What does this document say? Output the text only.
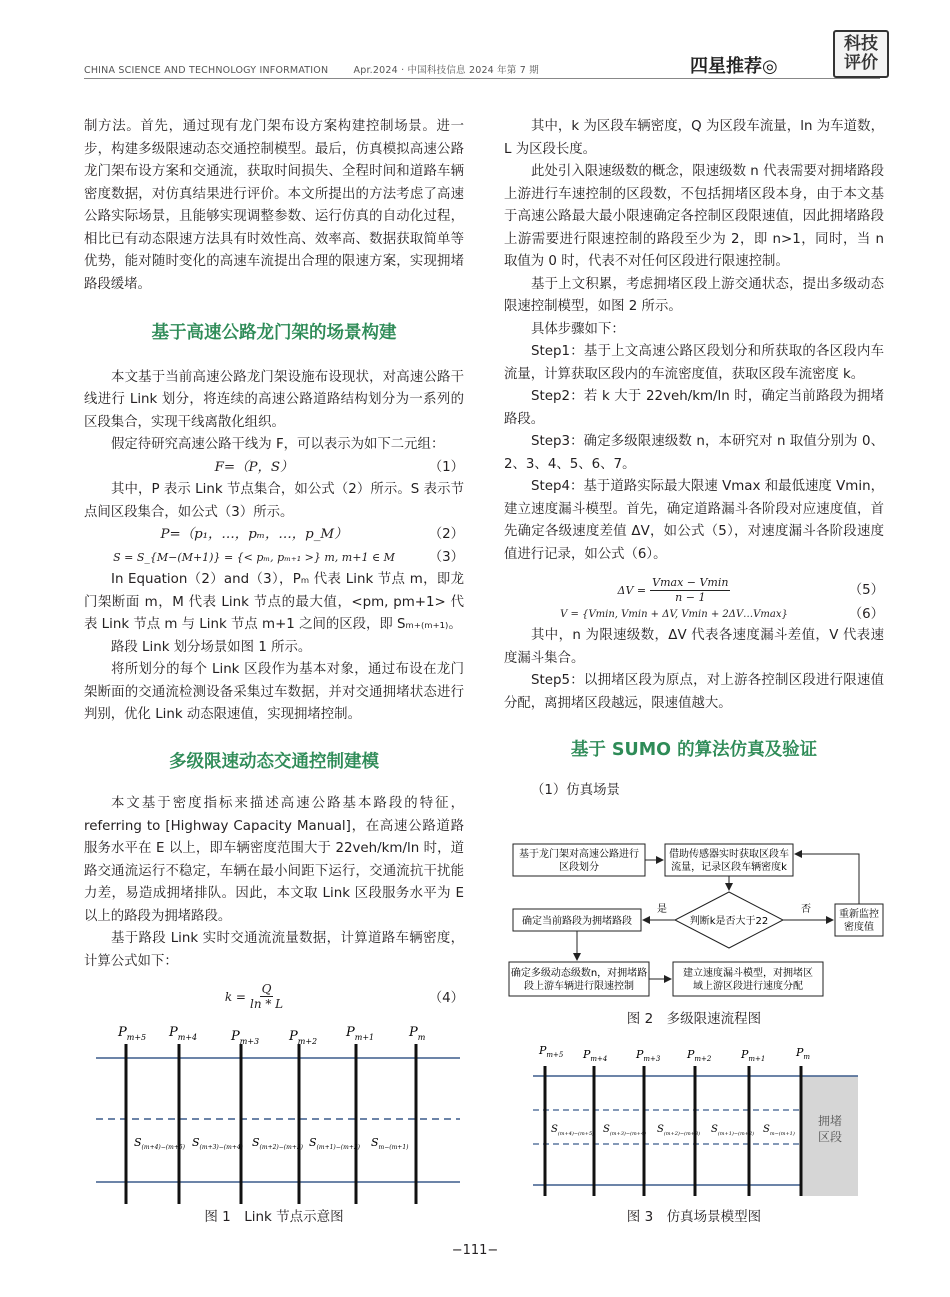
CHINA SCIENCE AND TECHNOLOGY INFORMATION	Apr.2024 · 中国科技信息 2024 年第 7 期	四星推荐◎
科技
评价

制方法。首先，通过现有龙门架布设方案构建控制场景。进一步，构建多级限速动态交通控制模型。最后，仿真模拟高速公路龙门架布设方案和交通流，获取时间损失、全程时间和道路车辆密度数据，对仿真结果进行评价。本文所提出的方法考虑了高速公路实际场景，且能够实现调整参数、运行仿真的自动化过程，相比已有动态限速方法具有时效性高、效率高、数据获取简单等优势，能对随时变化的高速车流提出合理的限速方案，实现拥堵路段缓堵。

基于高速公路龙门架的场景构建

本文基于当前高速公路龙门架设施布设现状，对高速公路干线进行 Link 划分，将连续的高速公路道路结构划分为一系列的区段集合，实现干线离散化组织。

假定待研究高速公路干线为 F，可以表示为如下二元组：

F=（P，S）	（1）

其中，P 表示 Link 节点集合，如公式（2）所示。S 表示节点间区段集合，如公式（3）所示。

P=（p₁，…，pₘ，…，p_M）	（2）
S = S_{M−(M+1)} = {< pₘ, pₘ₊₁ >} m, m+1 ∈ M	（3）

In Equation（2）and（3），Pₘ 代表 Link 节点 m，即龙门架断面 m，M 代表 Link 节点的最大值，<pm, pm+1> 代表 Link 节点 m 与 Link 节点 m+1 之间的区段，即 Sₘ₊₍ₘ₊₁₎。

路段 Link 划分场景如图 1 所示。

将所划分的每个 Link 区段作为基本对象，通过布设在龙门架断面的交通流检测设备采集过车数据，并对交通拥堵状态进行判别，优化 Link 动态限速值，实现拥堵控制。

多级限速动态交通控制建模

本文基于密度指标来描述高速公路基本路段的特征，referring to [Highway Capacity Manual]，在高速公路道路服务水平在 E 以上，即车辆密度范围大于 22veh/km/ln 时，道路交通流运行不稳定，车辆在最小间距下运行，交通流抗干扰能力差，易造成拥堵排队。因此，本文取 Link 区段服务水平为 E 以上的路段为拥堵路段。

基于路段 Link 实时交通流流量数据，计算道路车辆密度，计算公式如下：

$k = \frac{Q}{\ln * L}$	（4）

其中，k 为区段车辆密度，Q 为区段车流量，ln 为车道数，L 为区段长度。

此处引入限速级数的概念，限速级数 n 代表需要对拥堵路段上游进行车速控制的区段数，不包括拥堵区段本身，由于本文基于高速公路最大最小限速确定各控制区段限速值，因此拥堵路段上游需要进行限速控制的路段至少为 2，即 n>1，同时，当 n 取值为 0 时，代表不对任何区段进行限速控制。

基于上文积累，考虑拥堵区段上游交通状态，提出多级动态限速控制模型，如图 2 所示。

具体步骤如下：

Step1：基于上文高速公路区段划分和所获取的各区段内车流量，计算获取区段内的车流密度值，获取区段车流密度 k。

Step2：若 k 大于 22veh/km/ln 时，确定当前路段为拥堵路段。

Step3：确定多级限速级数 n，本研究对 n 取值分别为 0、2、3、4、5、6、7。

Step4：基于道路实际最大限速 Vmax 和最低速度 Vmin，建立速度漏斗模型。首先，确定道路漏斗各阶段对应速度值，首先确定各级速度差值 ΔV，如公式（5），对速度漏斗各阶段速度值进行记录，如公式（6）。

ΔV =
Vmax − Vmin
n − 1	（5）
V = {Vmin, Vmin + ΔV, Vmin + 2ΔV…Vmax}	（6）

其中，n 为限速级数，ΔV 代表各速度漏斗差值，V 代表速度漏斗集合。

Step5：以拥堵区段为原点，对上游各控制区段进行限速值分配，离拥堵区段越远，限速值越大。

基于 SUMO 的算法仿真及验证

（1）仿真场景

$P_{m+5}$ $P_{m+4}$	$P_{m+3}$ $P_{m+2}$
$P_{m+1}$	$P_m$
$S_{(m+4)-(m+5)}$ $S_{(m+3)-(m+4)}$ $S_{(m+2)-(m+3)}$ $S_{(m+1)-(m+2)}$ $S_{m-(m+1)}$
图 1　Link 节点示意图
基于龙门架对高速公路进行
区段划分
借助传感器实时获取区段车
流量，记录区段车辆密度k
判断k是否大于22
确定当前路段为拥堵路段
是	重新监控
密度值
否
确定多级动态级数n，对拥堵路
段上游车辆进行限速控制
建立速度漏斗模型，对拥堵区
域上游区段进行速度分配
图 2　多级限速流程图
$P_{m+5}$ $P_{m+4}$	$P_{m+3}$ $P_{m+2}$	$P_{m+1}$	$P_m$
$S_{(m+4)-(m+5)}$ $S_{(m+3)-(m+4)}$ $S_{(m+2)-(m+3)}$ $S_{(m+1)-(m+2)}$ $S_{m-(m+1)}$
拥堵
区段
图 3　仿真场景模型图
−111−
